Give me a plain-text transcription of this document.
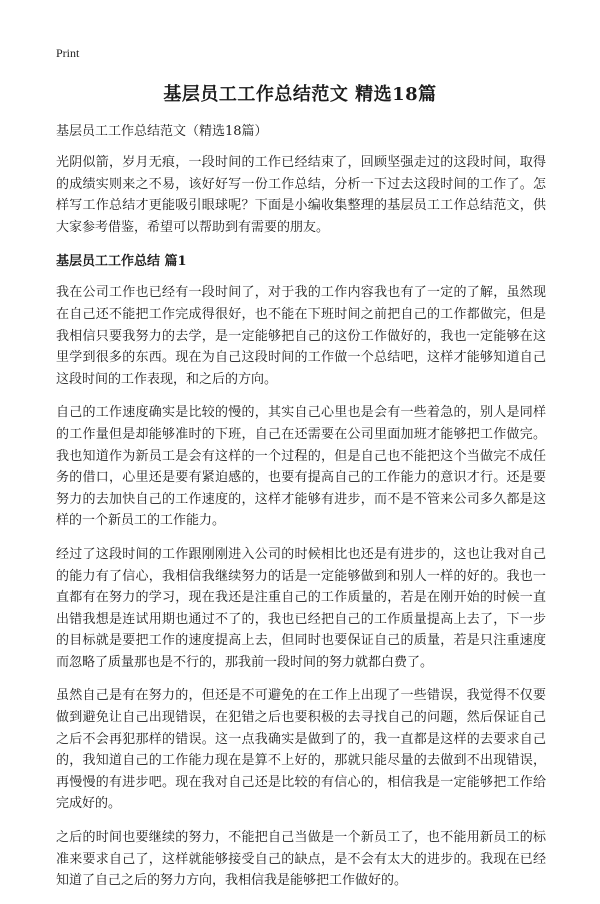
Print
基层员工工作总结范文 精选18篇

基层员工工作总结范文（精选18篇）

光阴似箭，岁月无痕，一段时间的工作已经结束了，回顾坚强走过的这段时间，取得的成绩实则来之不易，该好好写一份工作总结，分析一下过去这段时间的工作了。怎样写工作总结才更能吸引眼球呢？下面是小编收集整理的基层员工工作总结范文，供大家参考借鉴，希望可以帮助到有需要的朋友。

基层员工工作总结 篇1

我在公司工作也已经有一段时间了，对于我的工作内容我也有了一定的了解，虽然现在自己还不能把工作完成得很好，也不能在下班时间之前把自己的工作都做完，但是我相信只要我努力的去学，是一定能够把自己的这份工作做好的，我也一定能够在这里学到很多的东西。现在为自己这段时间的工作做一个总结吧，这样才能够知道自己这段时间的工作表现，和之后的方向。

自己的工作速度确实是比较的慢的，其实自己心里也是会有一些着急的，别人是同样的工作量但是却能够准时的下班，自己在还需要在公司里面加班才能够把工作做完。我也知道作为新员工是会有这样的一个过程的，但是自己也不能把这个当做完不成任务的借口，心里还是要有紧迫感的，也要有提高自己的工作能力的意识才行。还是要努力的去加快自己的工作速度的，这样才能够有进步，而不是不管来公司多久都是这样的一个新员工的工作能力。

经过了这段时间的工作跟刚刚进入公司的时候相比也还是有进步的，这也让我对自己的能力有了信心，我相信我继续努力的话是一定能够做到和别人一样的好的。我也一直都有在努力的学习，现在我还是注重自己的工作质量的，若是在刚开始的时候一直出错我想是连试用期也通过不了的，我也已经把自己的工作质量提高上去了，下一步的目标就是要把工作的速度提高上去，但同时也要保证自己的质量，若是只注重速度而忽略了质量那也是不行的，那我前一段时间的努力就都白费了。

虽然自己是有在努力的，但还是不可避免的在工作上出现了一些错误，我觉得不仅要做到避免让自己出现错误，在犯错之后也要积极的去寻找自己的问题，然后保证自己之后不会再犯那样的错误。这一点我确实是做到了的，我一直都是这样的去要求自己的，我知道自己的工作能力现在是算不上好的，那就只能尽量的去做到不出现错误，再慢慢的有进步吧。现在我对自己还是比较的有信心的，相信我是一定能够把工作给完成好的。

之后的时间也要继续的努力，不能把自己当做是一个新员工了，也不能用新员工的标准来要求自己了，这样就能够接受自己的缺点，是不会有太大的进步的。我现在已经知道了自己之后的努力方向，我相信我是能够把工作做好的。
